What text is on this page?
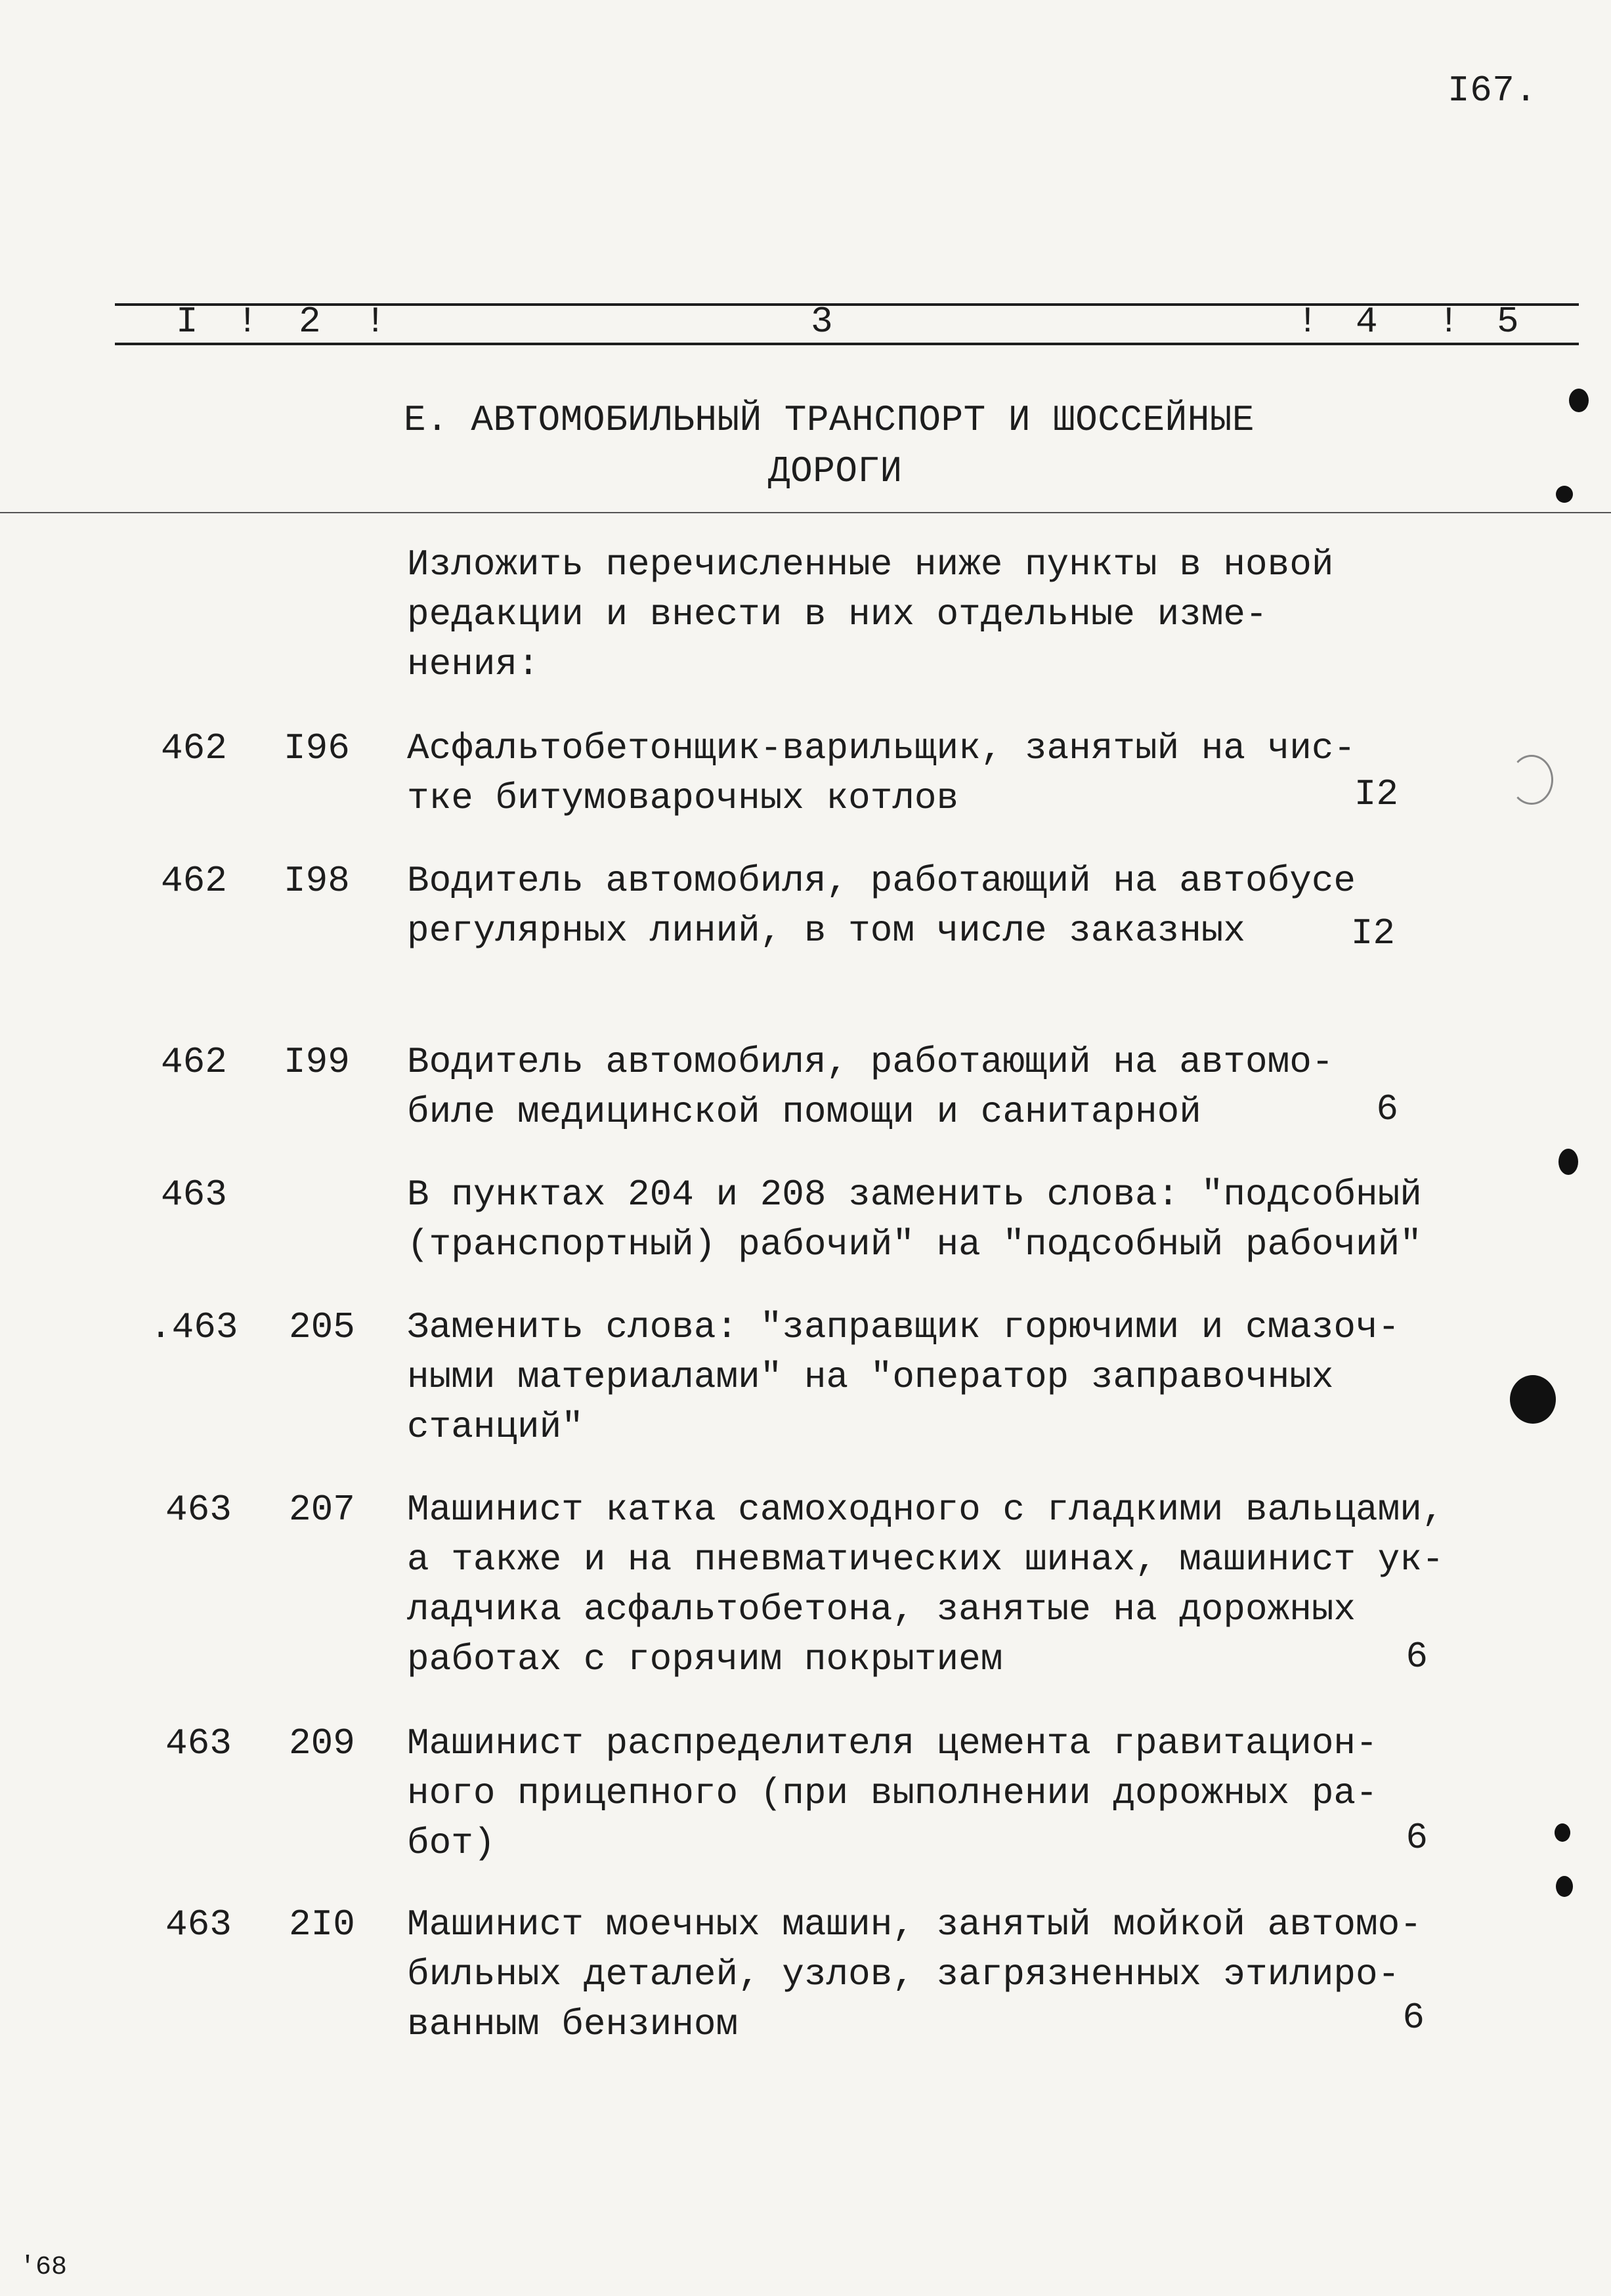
I67.
I ! 2 !	3	! 4 ! 5
Е. АВТОМОБИЛЬНЫЙ ТРАНСПОРТ И ШОССЕЙНЫЕ
ДОРОГИ
Изложить перечисленные ниже пункты в новой
редакции и внести в них отдельные изме-
нения:
462 I96 Асфальтобетонщик-варильщик, занятый на чис-
тке битумоварочных котлов	I2
462 I98 Водитель автомобиля, работающий на автобусе
регулярных линий, в том числе заказных	I2
462 I99 Водитель автомобиля, работающий на автомо-
биле медицинской помощи и санитарной	6
463	В пунктах 204 и 208 заменить слова: "подсобный
(транспортный) рабочий" на "подсобный рабочий"
.463 205 Заменить слова: "заправщик горючими и смазоч-
ными материалами" на "оператор заправочных
станций"
463 207 Машинист катка самоходного с гладкими вальцами,
а также и на пневматических шинах, машинист ук-
ладчика асфальтобетона, занятые на дорожных
работах с горячим покрытием	6
463 209 Машинист распределителя цемента гравитацион-
ного прицепного (при выполнении дорожных ра-
бот)	6
463 2I0 Машинист моечных машин, занятый мойкой автомо-
бильных деталей, узлов, загрязненных этилиро-
ванным бензином	6
'68
